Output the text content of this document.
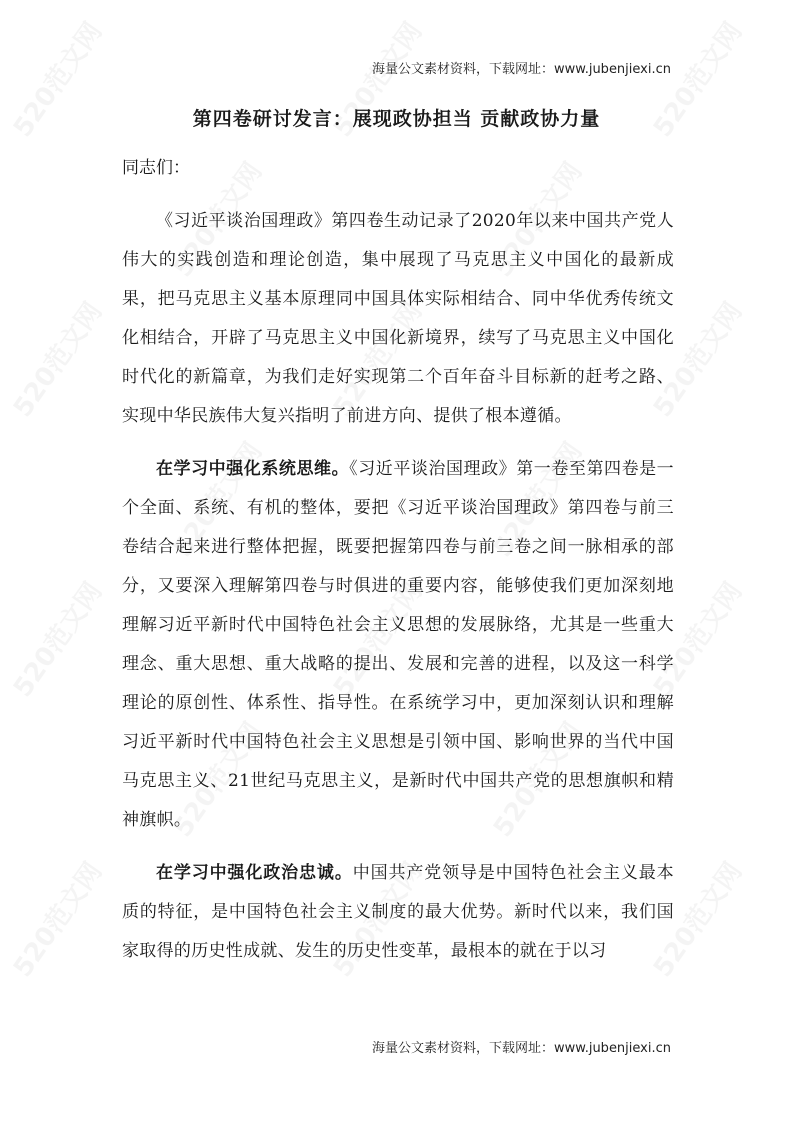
海量公文素材资料，下载网址：www.jubenjiexi.cn
第四卷研讨发言：展现政协担当 贡献政协力量

同志们：

《习近平谈治国理政》第四卷生动记录了2020年以来中国共产党人伟大的实践创造和理论创造，集中展现了马克思主义中国化的最新成果，把马克思主义基本原理同中国具体实际相结合、同中华优秀传统文化相结合，开辟了马克思主义中国化新境界，续写了马克思主义中国化时代化的新篇章，为我们走好实现第二个百年奋斗目标新的赶考之路、实现中华民族伟大复兴指明了前进方向、提供了根本遵循。

在学习中强化系统思维。《习近平谈治国理政》第一卷至第四卷是一个全面、系统、有机的整体，要把《习近平谈治国理政》第四卷与前三卷结合起来进行整体把握，既要把握第四卷与前三卷之间一脉相承的部分，又要深入理解第四卷与时俱进的重要内容，能够使我们更加深刻地理解习近平新时代中国特色社会主义思想的发展脉络，尤其是一些重大理念、重大思想、重大战略的提出、发展和完善的进程，以及这一科学理论的原创性、体系性、指导性。在系统学习中，更加深刻认识和理解习近平新时代中国特色社会主义思想是引领中国、影响世界的当代中国马克思主义、21世纪马克思主义，是新时代中国共产党的思想旗帜和精神旗帜。

在学习中强化政治忠诚。中国共产党领导是中国特色社会主义最本质的特征，是中国特色社会主义制度的最大优势。新时代以来，我们国家取得的历史性成就、发生的历史性变革，最根本的就在于以习

海量公文素材资料，下载网址：www.jubenjiexi.cn
